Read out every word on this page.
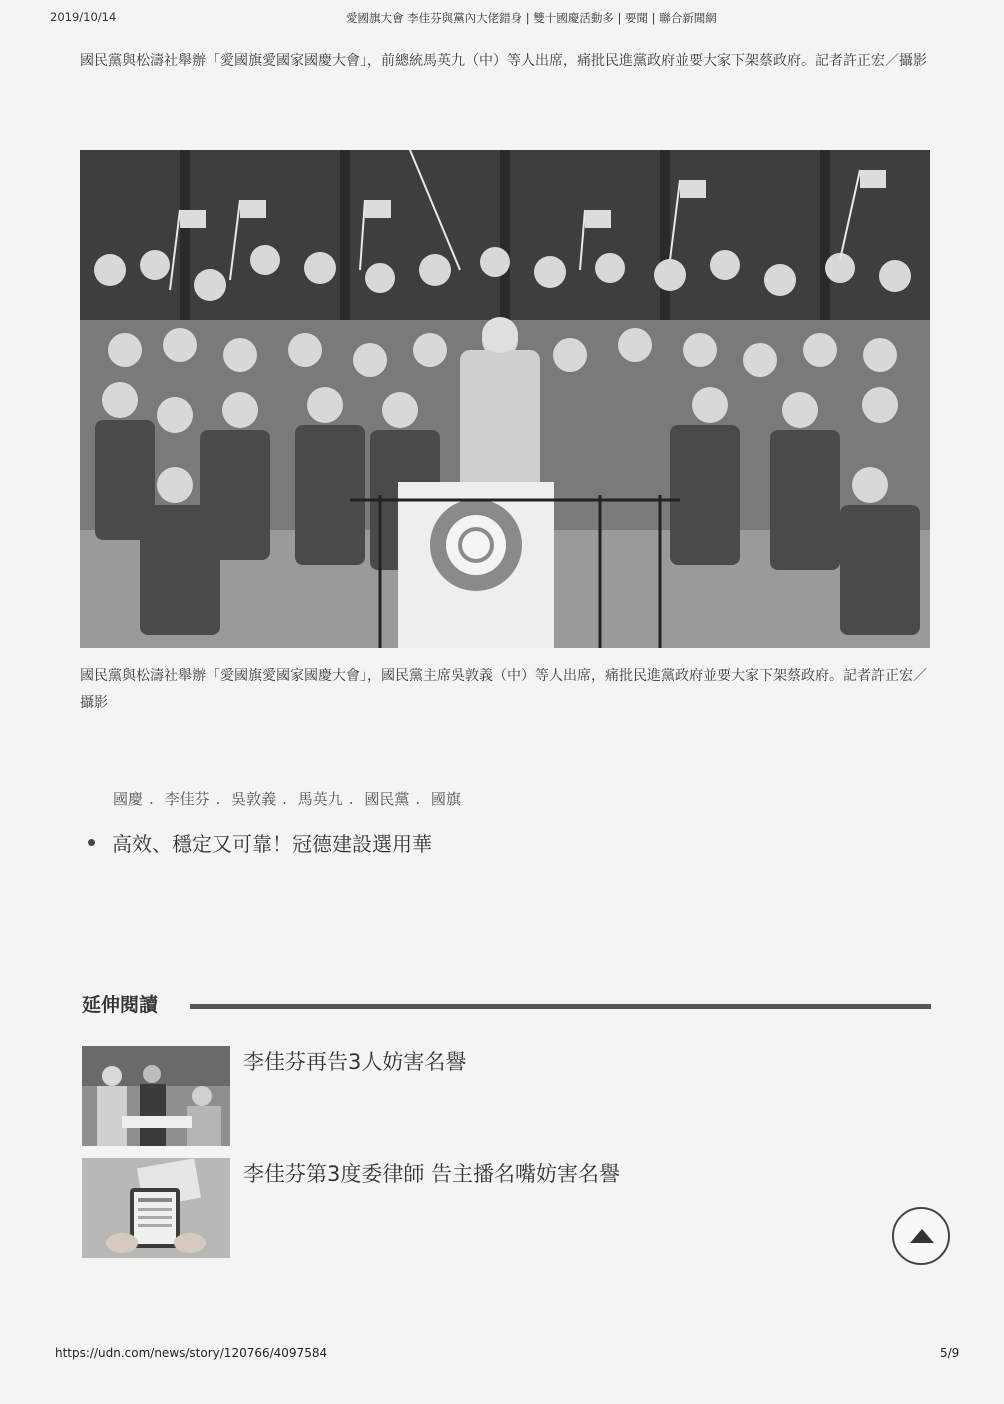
2019/10/14	愛國旗大會 李佳芬與黨內大佬錯身 | 雙十國慶活動多 | 要聞 | 聯合新聞網

國民黨與松濤社舉辦「愛國旗愛國家國慶大會」，前總統馬英九（中）等人出席，痛批民進黨政府並要大家下架蔡政府。記者許正宏／攝影

國民黨與松濤社舉辦「愛國旗愛國家國慶大會」，國民黨主席吳敦義（中）等人出席，痛批民進黨政府並要大家下架蔡政府。記者許正宏／攝影

國慶 . 李佳芬 . 吳敦義 . 馬英九 . 國民黨 . 國旗
高效、穩定又可靠！冠德建設選用華
延伸閱讀
李佳芬再告3人妨害名譽
李佳芬第3度委律師 告主播名嘴妨害名譽
https://udn.com/news/story/120766/4097584	5/9
